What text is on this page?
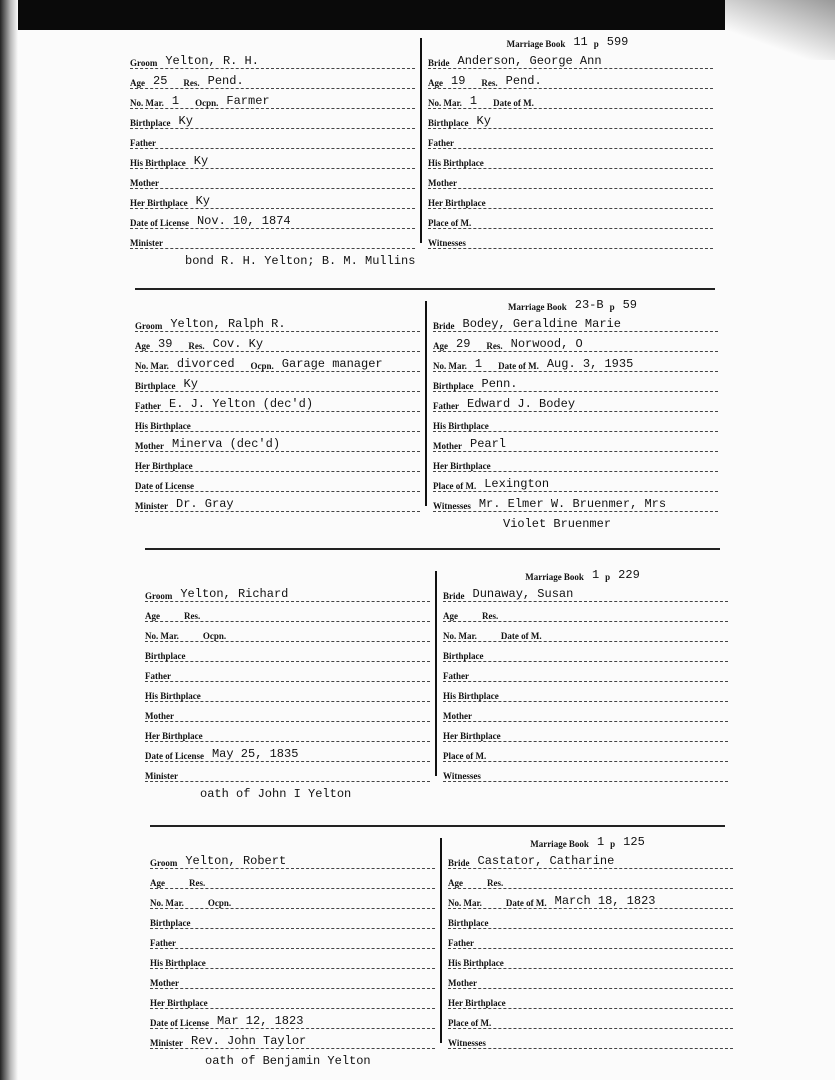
Groom Yelton, R. H.
Age 25	Res. Pend.
No. Mar. 1	Ocpn. Farmer
Birthplace Ky
Father
His Birthplace Ky
Mother
Her Birthplace Ky
Date of License Nov. 10, 1874
Minister
Marriage Book 11 p 599
Bride Anderson, George Ann
Age 19	Res. Pend.
No. Mar. 1	Date of M.
Birthplace Ky
Father
His Birthplace
Mother
Her Birthplace
Place of M.
Witnesses
bond R. H. Yelton; B. M. Mullins
Groom Yelton, Ralph R.
Age 39	Res. Cov. Ky
No. Mar. divorced	Ocpn. Garage manager
Birthplace Ky
Father E. J. Yelton (dec'd)
His Birthplace
Mother Minerva (dec'd)
Her Birthplace
Date of License
Minister Dr. Gray
Marriage Book 23-B p 59
Bride Bodey, Geraldine Marie
Age 29	Res. Norwood, O
No. Mar. 1	Date of M. Aug. 3, 1935
Birthplace Penn.
Father Edward J. Bodey
His Birthplace
Mother Pearl
Her Birthplace
Place of M. Lexington
Witnesses Mr. Elmer W. Bruenmer, Mrs
Violet Bruenmer
Groom Yelton, Richard
Age	Res.
No. Mar.	Ocpn.
Birthplace
Father
His Birthplace
Mother
Her Birthplace
Date of License May 25, 1835
Minister
Marriage Book 1 p 229
Bride Dunaway, Susan
Age	Res.
No. Mar.	Date of M.
Birthplace
Father
His Birthplace
Mother
Her Birthplace
Place of M.
Witnesses
oath of John I Yelton
Groom Yelton, Robert
Age	Res.
No. Mar.	Ocpn.
Birthplace
Father
His Birthplace
Mother
Her Birthplace
Date of License Mar 12, 1823
Minister Rev. John Taylor
Marriage Book 1 p 125
Bride Castator, Catharine
Age	Res.
No. Mar.	Date of M. March 18, 1823
Birthplace
Father
His Birthplace
Mother
Her Birthplace
Place of M.
Witnesses
oath of Benjamin Yelton
